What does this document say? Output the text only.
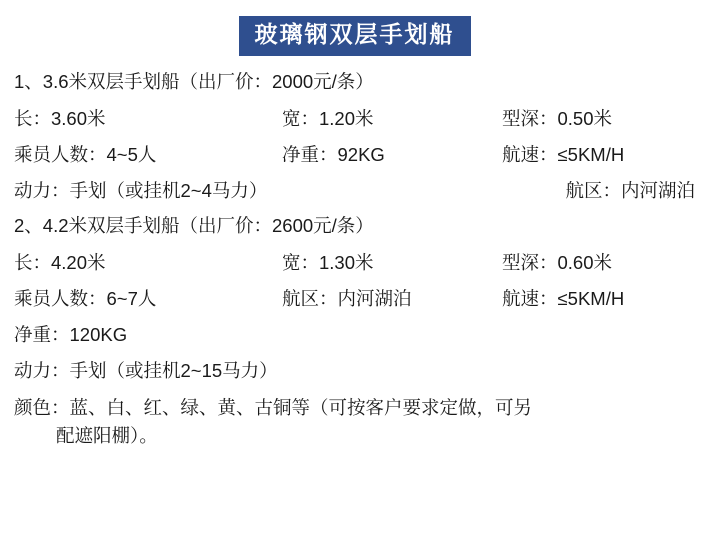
玻璃钢双层手划船
1、3.6米双层手划船（出厂价：2000元/条）
长：3.60米	宽：1.20米	型深：0.50米
乘员人数：4~5人	净重：92KG	航速：≤5KM/H
动力：手划（或挂机2~4马力）	航区：内河湖泊
2、4.2米双层手划船（出厂价：2600元/条）
长：4.20米	宽：1.30米	型深：0.60米
乘员人数：6~7人	航区：内河湖泊	航速：≤5KM/H
净重：120KG
动力：手划（或挂机2~15马力）
颜色： 蓝、白、红、绿、黄、古铜等（可按客户要求定做，可另
配遮阳棚）。
